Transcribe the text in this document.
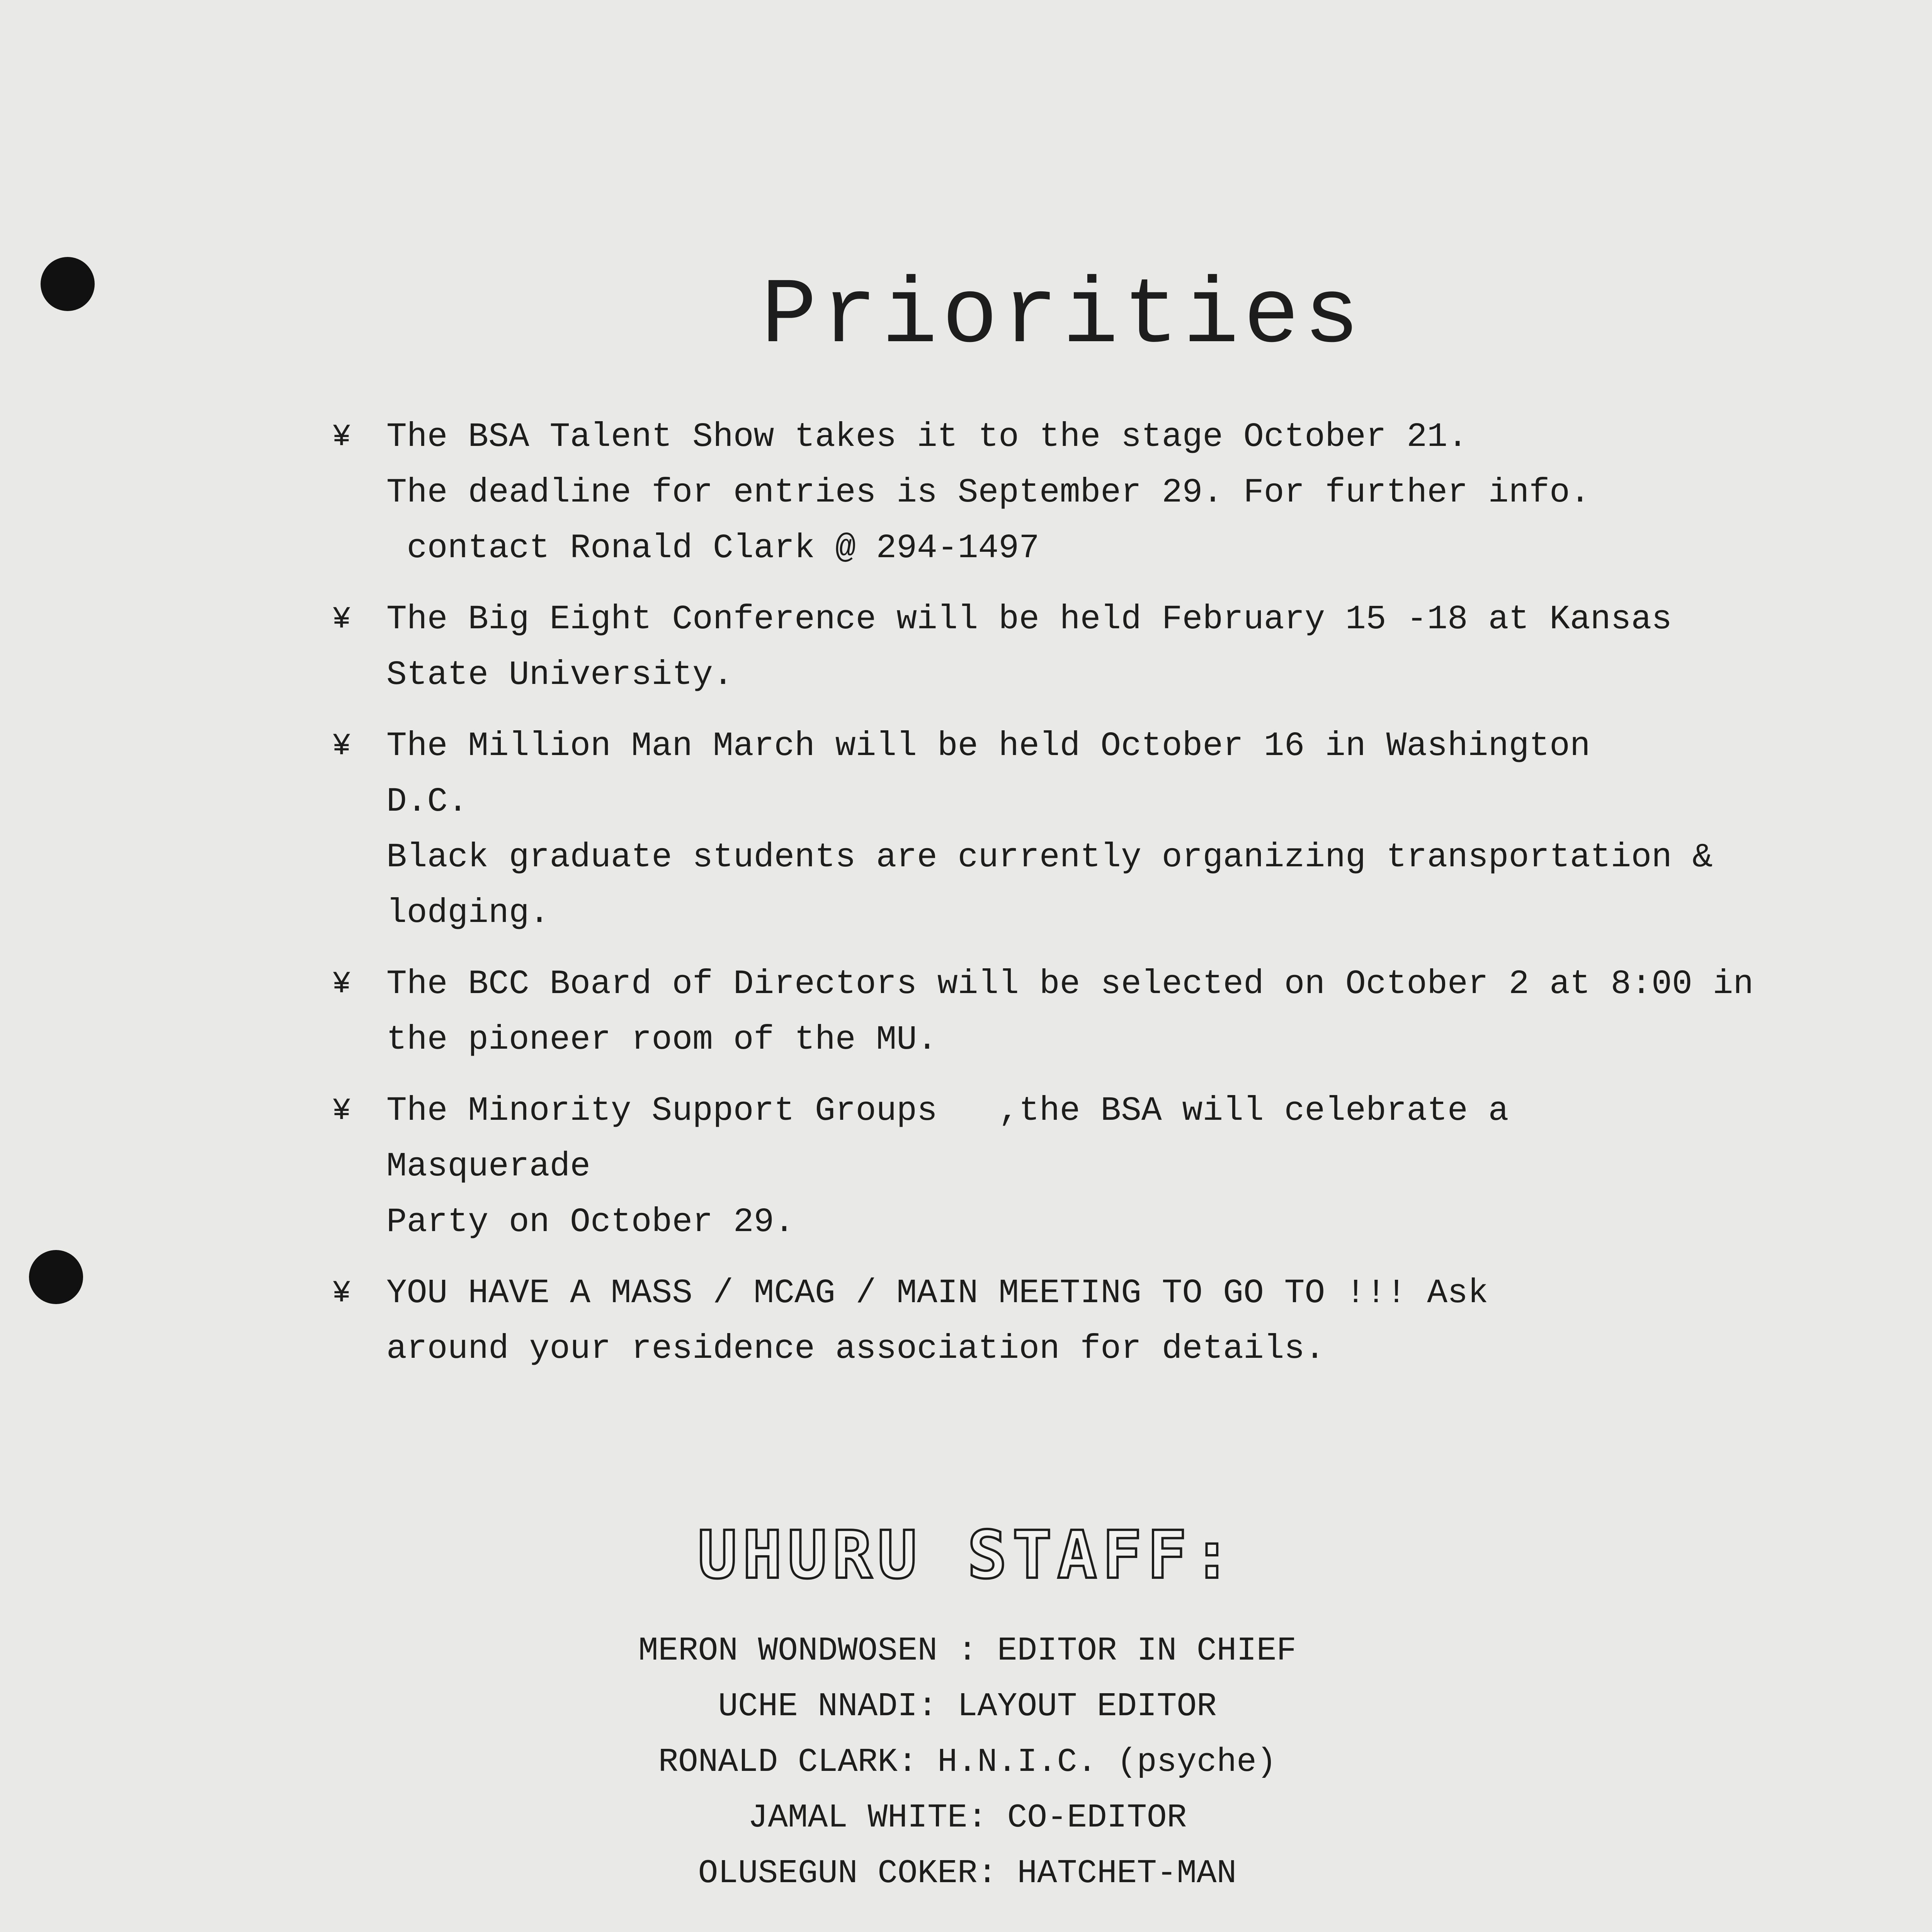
Priorities
¥ The BSA Talent Show takes it to the stage October 21.
The deadline for entries is September 29. For further info.
contact Ronald Clark @ 294-1497
¥ The Big Eight Conference will be held February 15 -18 at Kansas
State University.
¥ The Million Man March will be held October 16 in Washington
D.C.
Black graduate students are currently organizing transportation &
lodging.
¥ The BCC Board of Directors will be selected on October 2 at 8:00 in
the pioneer room of the MU.
¥ The Minority Support Groups   ,the BSA will celebrate a
Masquerade
Party on October 29.
¥ YOU HAVE A MASS / MCAG / MAIN MEETING TO GO TO !!! Ask
around your residence association for details.
UHURU STAFF:
MERON WONDWOSEN : EDITOR IN CHIEF
UCHE NNADI: LAYOUT EDITOR
RONALD CLARK: H.N.I.C. (psyche)
JAMAL WHITE: CO-EDITOR
OLUSEGUN COKER: HATCHET-MAN
